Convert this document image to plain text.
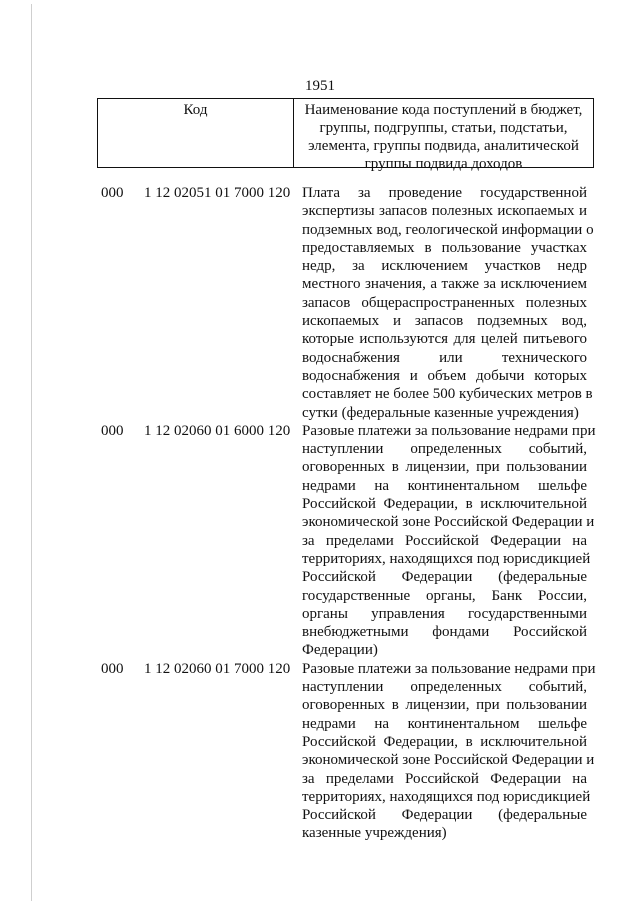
1951
Код	Наименование кода поступлений в бюджет,
группы, подгруппы, статьи, подстатьи,
элемента, группы подвида, аналитической
группы подвида доходов
000 1 12 02051 01 7000 120 Плата за проведение государственной
экспертизы запасов полезных ископаемых и
подземных вод, геологической информации о
предоставляемых в пользование участках
недр, за исключением участков недр
местного значения, а также за исключением
запасов общераспространенных полезных
ископаемых и запасов подземных вод,
которые используются для целей питьевого
водоснабжения или технического
водоснабжения и объем добычи которых
составляет не более 500 кубических метров в
сутки (федеральные казенные учреждения)
000 1 12 02060 01 6000 120 Разовые платежи за пользование недрами при
наступлении определенных событий,
оговоренных в лицензии, при пользовании
недрами на континентальном шельфе
Российской Федерации, в исключительной
экономической зоне Российской Федерации и
за пределами Российской Федерации на
территориях, находящихся под юрисдикцией
Российской Федерации (федеральные
государственные органы, Банк России,
органы управления государственными
внебюджетными фондами Российской
Федерации)
000 1 12 02060 01 7000 120 Разовые платежи за пользование недрами при
наступлении определенных событий,
оговоренных в лицензии, при пользовании
недрами на континентальном шельфе
Российской Федерации, в исключительной
экономической зоне Российской Федерации и
за пределами Российской Федерации на
территориях, находящихся под юрисдикцией
Российской Федерации (федеральные
казенные учреждения)
